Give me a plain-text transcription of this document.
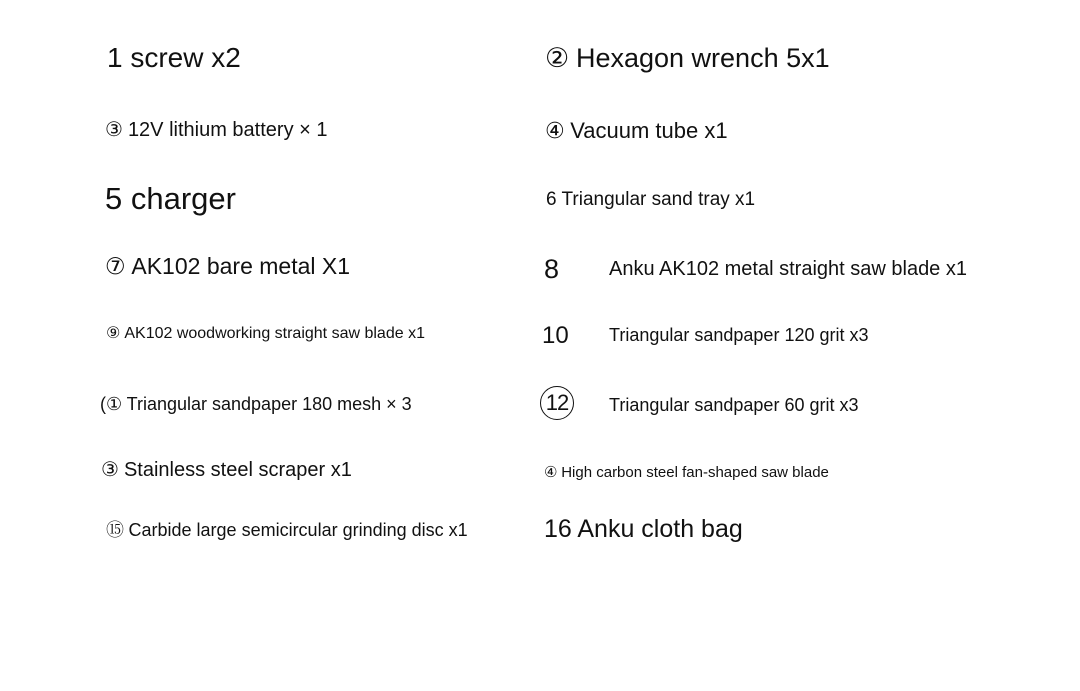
1 screw x2
③ 12V lithium battery × 1
5 charger
⑦ AK102 bare metal X1
⑨ AK102 woodworking straight saw blade x1
(① Triangular sandpaper 180 mesh × 3
③ Stainless steel scraper x1
⑮ Carbide large semicircular grinding disc x1
② Hexagon wrench 5x1
④ Vacuum tube x1
6 Triangular sand tray x1
8 Anku AK102 metal straight saw blade x1
10 Triangular sandpaper 120 grit x3
12	Triangular sandpaper 60 grit x3
④ High carbon steel fan-shaped saw blade
16 Anku cloth bag
